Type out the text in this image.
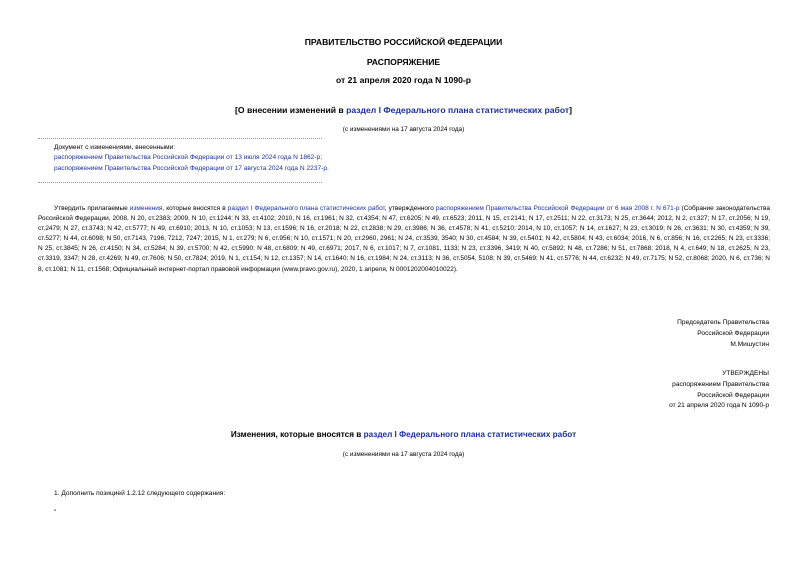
ПРАВИТЕЛЬСТВО РОССИЙСКОЙ ФЕДЕРАЦИИ
РАСПОРЯЖЕНИЕ
от 21 апреля 2020 года N 1090-р
[О внесении изменений в раздел I Федерального плана статистических работ]
(с изменениями на 17 августа 2024 года)
Документ с изменениями, внесенными:
распоряжением Правительства Российской Федерации от 13 июля 2024 года N 1862-р;
распоряжением Правительства Российской Федерации от 17 августа 2024 года N 2237-р.
Утвердить прилагаемые изменения, которые вносятся в раздел I Федерального плана статистических работ, утвержденного распоряжением Правительства Российской Федерации от 6 мая 2008 г. N 671-р (Собрание законодательства Российской Федерации, 2008, N 20, ст.2383; 2009, N 10, ст.1244; N 33, ст.4102; 2010, N 16, ст.1961; N 32, ст.4354; N 47, ст.6205; N 49, ст.6523; 2011, N 15, ст.2141; N 17, ст.2511; N 22, ст.3173; N 25, ст.3644; 2012, N 2, ст.327; N 17, ст.2056; N 19, ст.2479; N 27, ст.3743; N 42, ст.5777; N 49, ст.6910; 2013, N 10, ст.1053; N 13, ст.1596; N 16, ст.2018; N 22, ст.2838; N 29, ст.3986; N 36, ст.4578; N 41, ст.5210; 2014, N 10, ст.1057; N 14, ст.1627; N 23, ст.3019; N 26, ст.3631; N 30, ст.4359; N 39, ст.5277; N 44, ст.6098; N 50, ст.7143, 7196, 7212, 7247; 2015, N 1, ст.279; N 6, ст.956; N 10, ст.1571; N 20, ст.2960, 2961; N 24, ст.3539, 3540; N 30, ст.4584; N 39, ст.5401; N 42, ст.5804; N 43, ст.6034; 2016, N 6, ст.856; N 16, ст.2265; N 23, ст.3336; N 25, ст.3845; N 26, ст.4150; N 34, ст.5284; N 39, ст.5700; N 42, ст.5990; N 48, ст.6809; N 49, ст.6971; 2017, N 6, ст.1017; N 7, ст.1081, 1133; N 23, ст.3396, 3419; N 40, ст.5892; N 48, ст.7286; N 51, ст.7868; 2018, N 4, ст.649; N 18, ст.2625; N 23, ст.3319, 3347; N 28, ст.4269; N 49, ст.7606; N 50, ст.7824; 2019, N 1, ст.154; N 12, ст.1357; N 14, ст.1640; N 16, ст.1984; N 24, ст.3113; N 36, ст.5054, 5108; N 39, ст.5469; N 41, ст.5776; N 44, ст.6232; N 49, ст.7175; N 52, ст.8068; 2020, N 6, ст.736; N 8, ст.1081; N 11, ст.1568; Официальный интернет-портал правовой информации (www.pravo.gov.ru), 2020, 1 апреля, N 0001202004010022).
Председатель Правительства
Российской Федерации
М.Мишустин
УТВЕРЖДЕНЫ
распоряжением Правительства
Российской Федерации
от 21 апреля 2020 года N 1090-р
Изменения, которые вносятся в раздел I Федерального плана статистических работ
(с изменениями на 17 августа 2024 года)
1. Дополнить позицией 1.2.12 следующего содержания:
"
